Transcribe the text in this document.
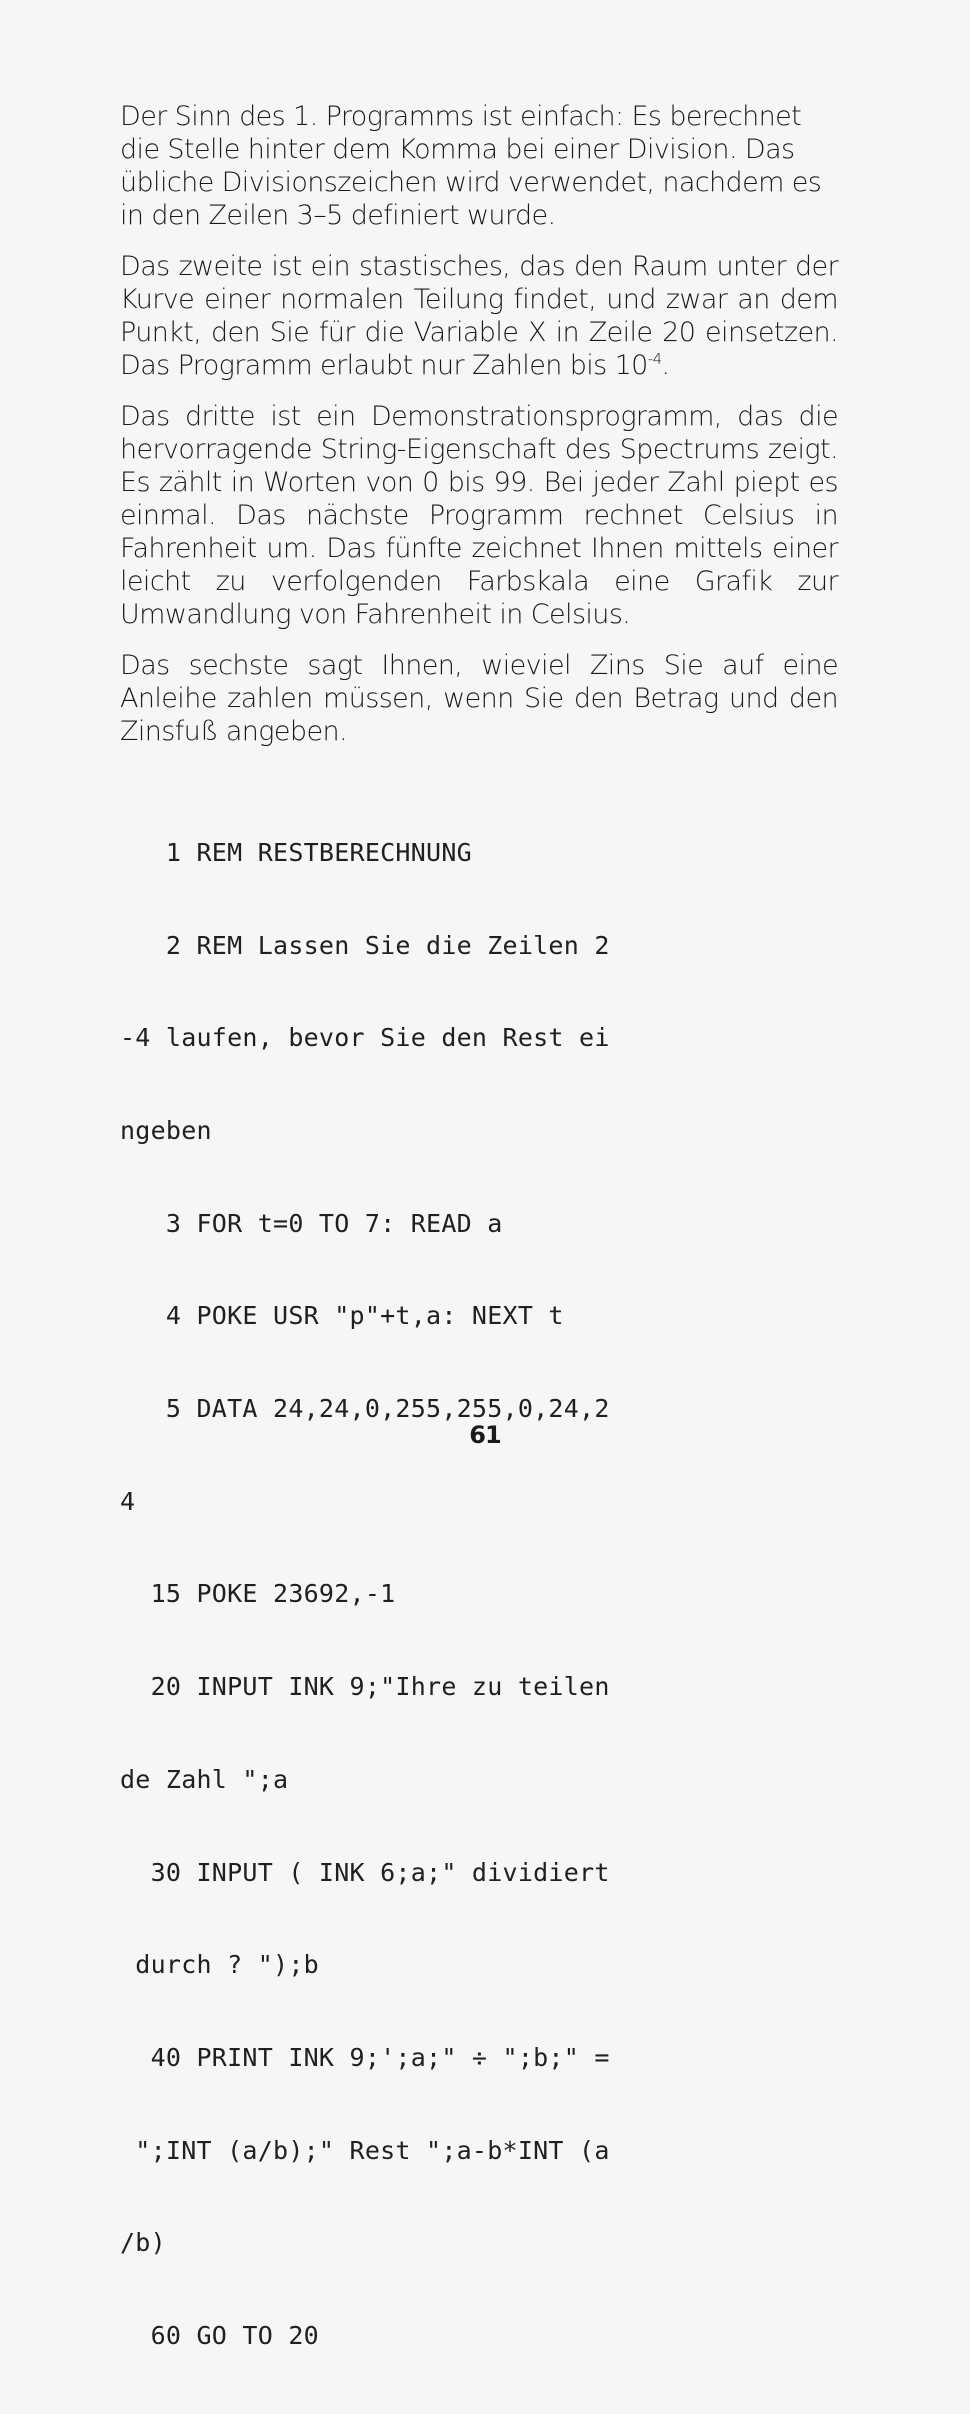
Der Sinn des 1. Programms ist einfach: Es berechnet die Stelle hinter dem Komma bei einer Division. Das übliche Divisionszeichen wird verwendet, nachdem es in den Zeilen 3–5 definiert wurde.

Das zweite ist ein stastisches, das den Raum unter der Kurve einer normalen Teilung findet, und zwar an dem Punkt, den Sie für die Variable X in Zeile 20 einsetzen. Das Programm erlaubt nur Zahlen bis $10^{-4}$.

Das dritte ist ein Demonstrationsprogramm, das die hervorragende String-Eigenschaft des Spectrums zeigt. Es zählt in Worten von 0 bis 99. Bei jeder Zahl piept es einmal. Das nächste Programm rechnet Celsius in Fahrenheit um. Das fünfte zeichnet Ihnen mittels einer leicht zu verfolgenden Farbskala eine Grafik zur Umwandlung von Fahrenheit in Celsius.

Das sechste sagt Ihnen, wieviel Zins Sie auf eine Anleihe zahlen müssen, wenn Sie den Betrag und den Zinsfuß angeben.

1 REM RESTBERECHNUNG

2 REM Lassen Sie die Zeilen 2

-4 laufen, bevor Sie den Rest ei

ngeben

3 FOR t=0 TO 7: READ a

4 POKE USR "p"+t,a: NEXT t

5 DATA 24,24,0,255,255,0,24,2

4

15 POKE 23692,-1

20 INPUT INK 9;"Ihre zu teilen

de Zahl ";a

30 INPUT ( INK 6;a;" dividiert

durch ? ");b

40 PRINT INK 9;';a;" ÷ ";b;" =

";INT (a/b);" Rest ";a-b*INT (a

/b)

60 GO TO 20

61
